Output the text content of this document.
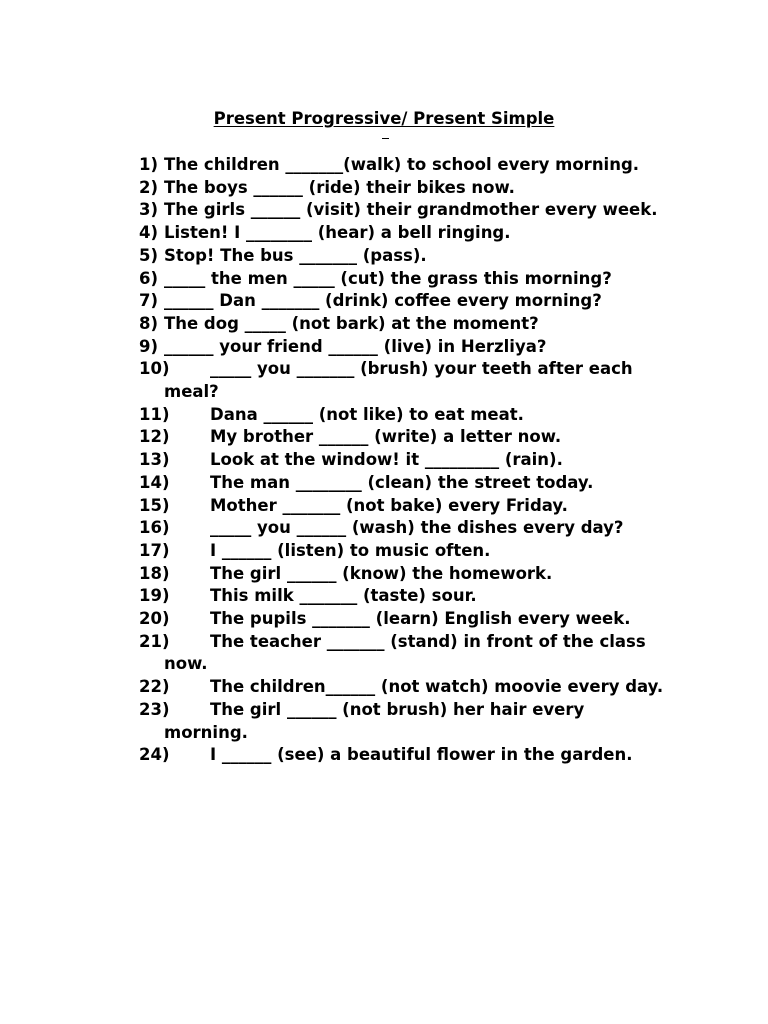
Present Progressive/ Present Simple
1) The children _______(walk) to school every morning.
2) The boys ______ (ride) their bikes now.
3) The girls ______ (visit) their grandmother every week.
4) Listen! I ________ (hear) a bell ringing.
5) Stop! The bus _______ (pass).
6) _____ the men _____ (cut) the grass this morning?
7) ______ Dan _______ (drink) coffee every morning?
8) The dog _____ (not bark) at the moment?
9) ______ your friend ______ (live) in Herzliya?
10) _____ you _______ (brush) your teeth after each meal?
11) Dana ______ (not like) to eat meat.
12) My brother ______ (write) a letter now.
13) Look at the window! it _________ (rain).
14) The man ________ (clean) the street today.
15) Mother _______ (not bake) every Friday.
16) _____ you ______ (wash) the dishes every day?
17) I ______ (listen) to music often.
18) The girl ______ (know) the homework.
19) This milk _______ (taste) sour.
20) The pupils _______ (learn) English every week.
21) The teacher _______ (stand) in front of the class now.
22) The children______ (not watch) moovie every day.
23) The girl ______ (not brush) her hair every morning.
24) I ______ (see) a beautiful flower in the garden.
